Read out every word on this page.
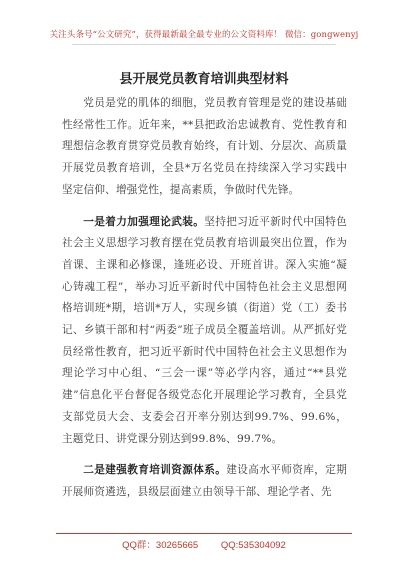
关注头条号“公文研究”，获得最新最全最专业的公文资料库！ 微信：gongwenyj
县开展党员教育培训典型材料

党员是党的肌体的细胞，党员教育管理是党的建设基础性经常性工作。近年来，**县把政治忠诚教育、党性教育和理想信念教育贯穿党员教育始终，有计划、分层次、高质量开展党员教育培训，全县*万名党员在持续深入学习实践中坚定信仰、增强党性，提高素质，争做时代先锋。

一是着力加强理论武装。坚持把习近平新时代中国特色社会主义思想学习教育摆在党员教育培训最突出位置，作为首课、主课和必修课，逢班必设、开班首讲。深入实施“凝心铸魂工程”，举办习近平新时代中国特色社会主义思想网格培训班*期，培训*万人，实现乡镇（街道）党（工）委书记、乡镇干部和村“两委”班子成员全覆盖培训。从严抓好党员经常性教育，把习近平新时代中国特色社会主义思想作为理论学习中心组、“三会一课”等必学内容，通过“**县党建”信息化平台督促各级党态化开展理论学习教育，全县党支部党员大会、支委会召开率分别达到99.7%、99.6%，主题党日、讲党课分别达到99.8%、99.7%。

二是建强教育培训资源体系。建设高水平师资库，定期开展师资遴选，县级层面建立由领导干部、理论学者、先

QQ群：30265665 QQ:535304092
